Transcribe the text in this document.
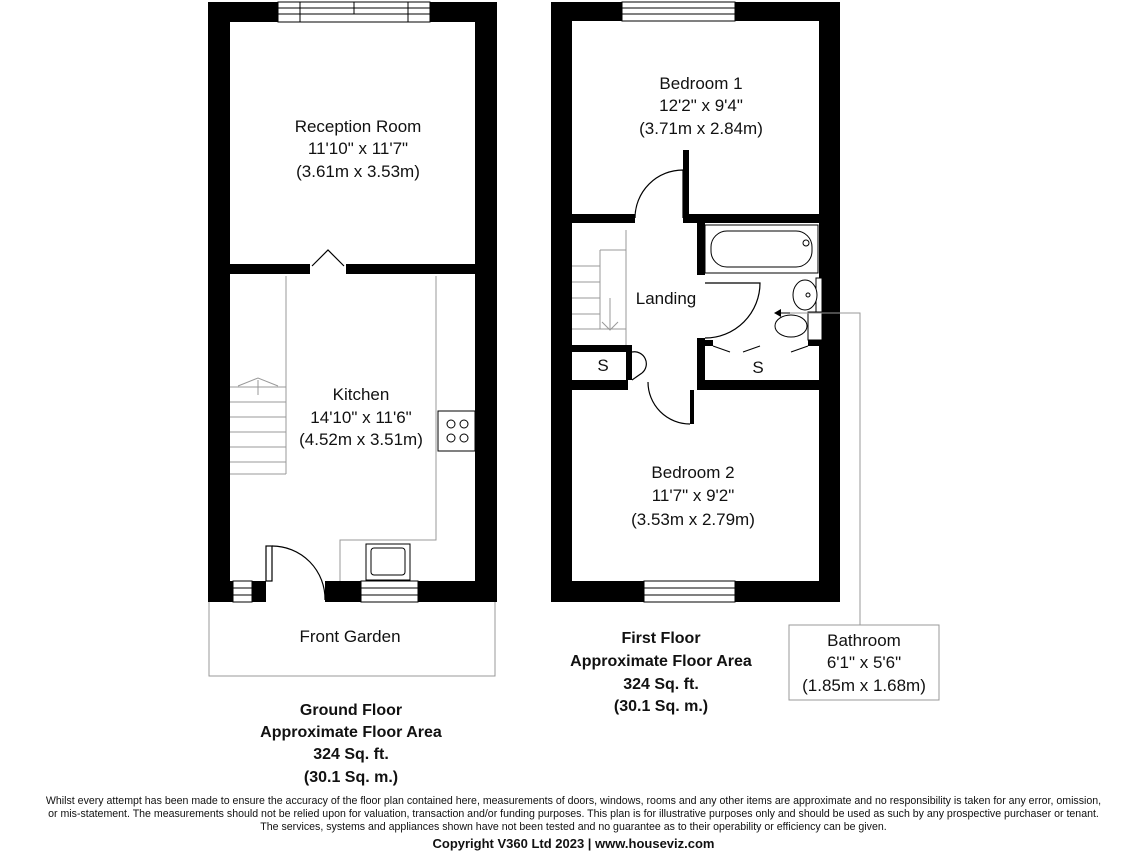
Reception Room
11'10" x 11'7"
(3.61m x 3.53m)
Kitchen
14'10" x 11'6"
(4.52m x 3.51m)
Front Garden
Ground Floor
Approximate Floor Area
324 Sq. ft.
(30.1 Sq. m.)
Bedroom 1
12'2" x 9'4"
(3.71m x 2.84m)
Landing
S	S
Bedroom 2
11'7" x 9'2"
(3.53m x 2.79m)
Bathroom
6'1" x 5'6"
(1.85m x 1.68m)
First Floor
Approximate Floor Area
324 Sq. ft.
(30.1 Sq. m.)
Whilst every attempt has been made to ensure the accuracy of the floor plan contained here, measurements of doors, windows, rooms and any other items are approximate and no responsibility is taken for any error, omission,
or mis-statement. The measurements should not be relied upon for valuation, transaction and/or funding purposes. This plan is for illustrative purposes only and should be used as such by any prospective purchaser or tenant.
The services, systems and appliances shown have not been tested and no guarantee as to their operability or efficiency can be given.
Copyright V360 Ltd 2023 | www.houseviz.com
